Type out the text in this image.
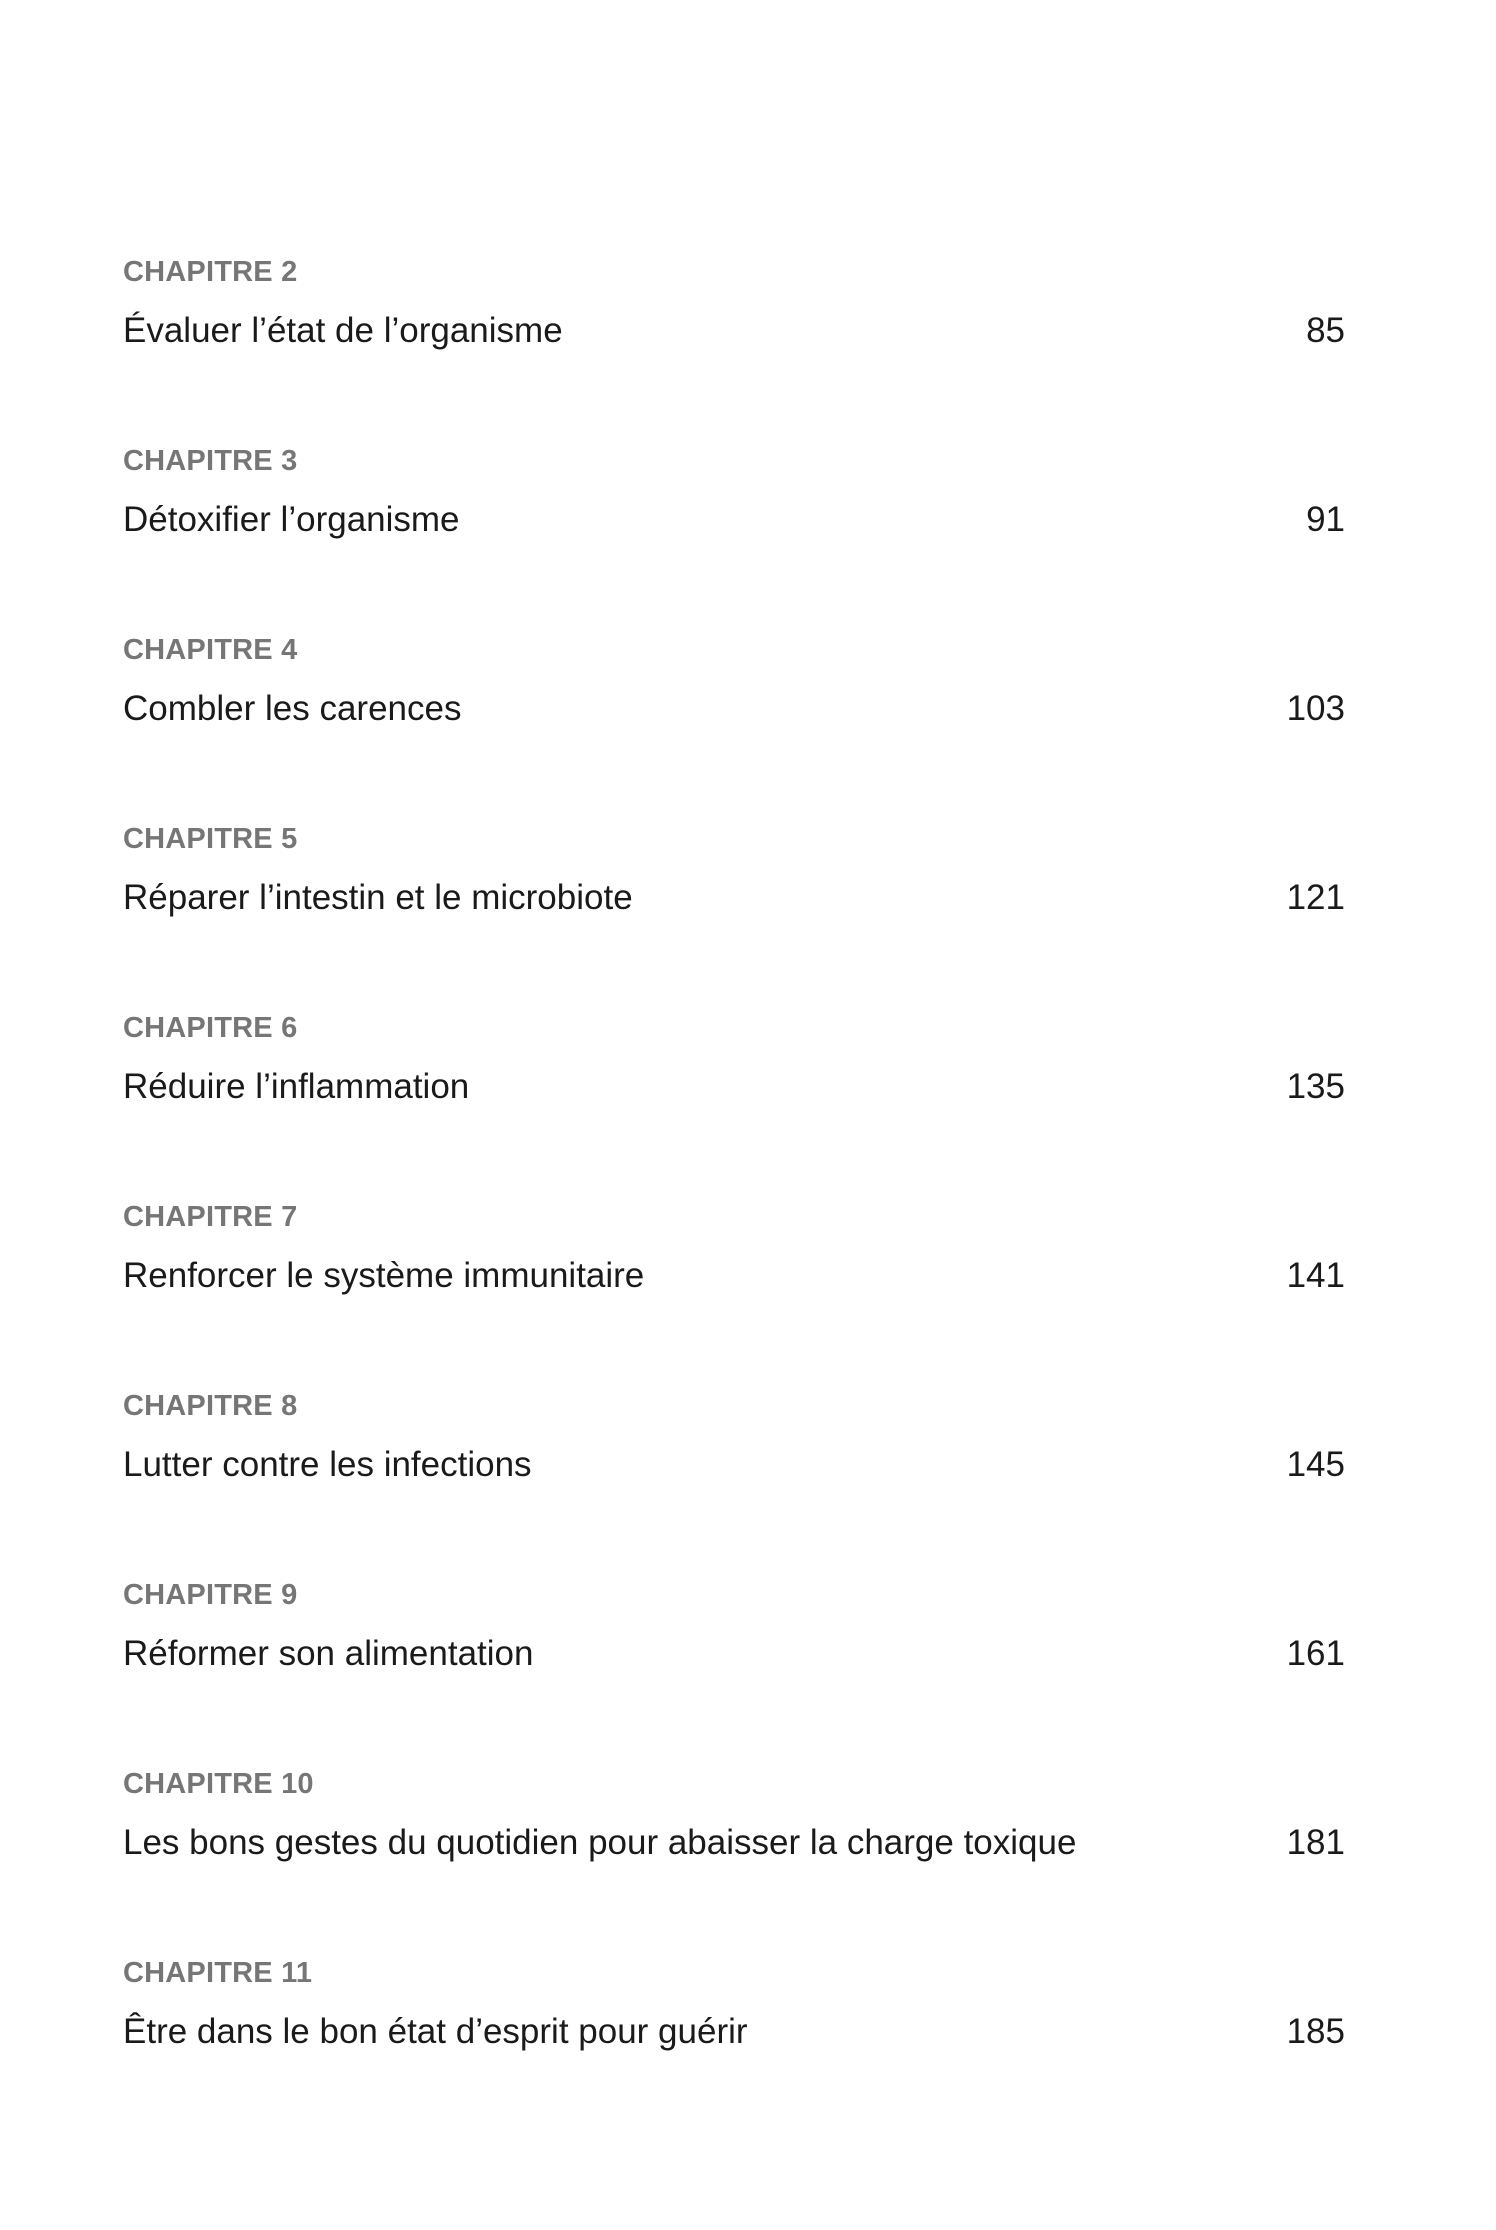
CHAPITRE 2
Évaluer l’état de l’organisme	85
CHAPITRE 3
Détoxifier l’organisme	91
CHAPITRE 4
Combler les carences	103
CHAPITRE 5
Réparer l’intestin et le microbiote	121
CHAPITRE 6
Réduire l’inflammation	135
CHAPITRE 7
Renforcer le système immunitaire	141
CHAPITRE 8
Lutter contre les infections	145
CHAPITRE 9
Réformer son alimentation	161
CHAPITRE 10
Les bons gestes du quotidien pour abaisser la charge toxique	181
CHAPITRE 11
Être dans le bon état d’esprit pour guérir	185
